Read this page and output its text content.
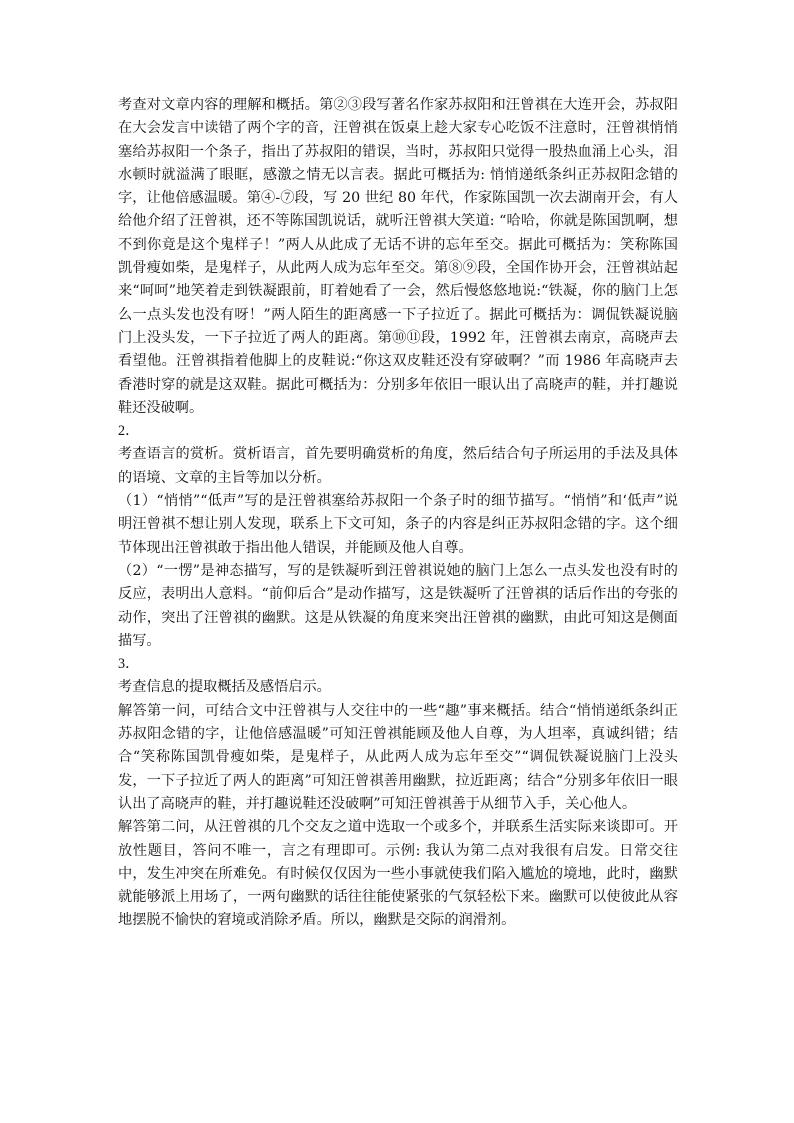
考查对文章内容的理解和概括。第②③段写著名作家苏叔阳和汪曾祺在大连开会，苏叔阳在大会发言中读错了两个字的音，汪曾祺在饭桌上趁大家专心吃饭不注意时，汪曾祺悄悄塞给苏叔阳一个条子，指出了苏叔阳的错误，当时，苏叔阳只觉得一股热血涌上心头，泪水顿时就溢满了眼眶，感激之情无以言表。据此可概括为: 悄悄递纸条纠正苏叔阳念错的字，让他倍感温暖。第④-⑦段，写 20 世纪 80 年代，作家陈国凯一次去湖南开会，有人给他介绍了汪曾祺，还不等陈国凯说话，就听汪曾祺大笑道: “哈哈，你就是陈国凯啊，想不到你竟是这个鬼样子！”两人从此成了无话不讲的忘年至交。据此可概括为：笑称陈国凯骨瘦如柴，是鬼样子，从此两人成为忘年至交。第⑧⑨段，全国作协开会，汪曾祺站起来“呵呵”地笑着走到铁凝跟前，盯着她看了一会，然后慢悠悠地说:“铁凝，你的脑门上怎么一点头发也没有呀！”两人陌生的距离感一下子拉近了。据此可概括为：调侃铁凝说脑门上没头发，一下子拉近了两人的距离。第⑩⑪段，1992 年，汪曾祺去南京，高晓声去看望他。汪曾祺指着他脚上的皮鞋说:“你这双皮鞋还没有穿破啊？”而 1986 年高晓声去香港时穿的就是这双鞋。据此可概括为：分别多年依旧一眼认出了高晓声的鞋，并打趣说鞋还没破啊。

2．

考查语言的赏析。赏析语言，首先要明确赏析的角度，然后结合句子所运用的手法及具体的语境、文章的主旨等加以分析。

（1）“悄悄”“低声”写的是汪曾祺塞给苏叔阳一个条子时的细节描写。“悄悄”和‘低声”说明汪曾祺不想让别人发现，联系上下文可知，条子的内容是纠正苏叔阳念错的字。这个细节体现出汪曾祺敢于指出他人错误，并能顾及他人自尊。

（2）“一愣”是神态描写，写的是铁凝听到汪曾祺说她的脑门上怎么一点头发也没有时的反应，表明出人意料。“前仰后合”是动作描写，这是铁凝听了汪曾祺的话后作出的夸张的动作，突出了汪曾祺的幽默。这是从铁凝的角度来突出汪曾祺的幽默，由此可知这是侧面描写。

3．

考查信息的提取概括及感悟启示。

解答第一问，可结合文中汪曾祺与人交往中的一些“趣”事来概括。结合“悄悄递纸条纠正苏叔阳念错的字，让他倍感温暖”可知汪曾祺能顾及他人自尊，为人坦率，真诚纠错；结合“笑称陈国凯骨瘦如柴，是鬼样子，从此两人成为忘年至交”“调侃铁凝说脑门上没头发，一下子拉近了两人的距离”可知汪曾祺善用幽默，拉近距离；结合“分别多年依旧一眼认出了高晓声的鞋，并打趣说鞋还没破啊”可知汪曾祺善于从细节入手，关心他人。

解答第二问，从汪曾祺的几个交友之道中选取一个或多个，并联系生活实际来谈即可。开放性题目，答问不唯一，言之有理即可。示例: 我认为第二点对我很有启发。日常交往中，发生冲突在所难免。有时候仅仅因为一些小事就使我们陷入尴尬的境地，此时，幽默就能够派上用场了，一两句幽默的话往往能使紧张的气氛轻松下来。幽默可以使彼此从容地摆脱不愉快的窘境或消除矛盾。所以，幽默是交际的润滑剂。
